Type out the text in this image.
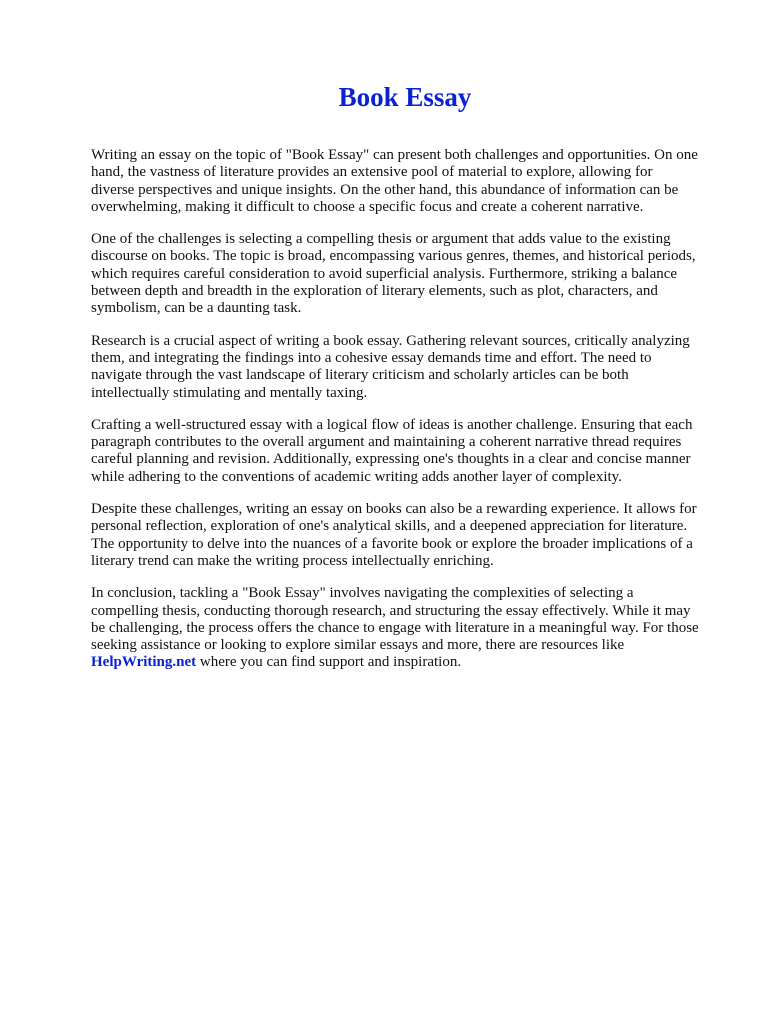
Book Essay

Writing an essay on the topic of "Book Essay" can present both challenges and opportunities. On one
hand, the vastness of literature provides an extensive pool of material to explore, allowing for
diverse perspectives and unique insights. On the other hand, this abundance of information can be
overwhelming, making it difficult to choose a specific focus and create a coherent narrative.

One of the challenges is selecting a compelling thesis or argument that adds value to the existing
discourse on books. The topic is broad, encompassing various genres, themes, and historical periods,
which requires careful consideration to avoid superficial analysis. Furthermore, striking a balance
between depth and breadth in the exploration of literary elements, such as plot, characters, and
symbolism, can be a daunting task.

Research is a crucial aspect of writing a book essay. Gathering relevant sources, critically analyzing
them, and integrating the findings into a cohesive essay demands time and effort. The need to
navigate through the vast landscape of literary criticism and scholarly articles can be both
intellectually stimulating and mentally taxing.

Crafting a well-structured essay with a logical flow of ideas is another challenge. Ensuring that each
paragraph contributes to the overall argument and maintaining a coherent narrative thread requires
careful planning and revision. Additionally, expressing one's thoughts in a clear and concise manner
while adhering to the conventions of academic writing adds another layer of complexity.

Despite these challenges, writing an essay on books can also be a rewarding experience. It allows for
personal reflection, exploration of one's analytical skills, and a deepened appreciation for literature.
The opportunity to delve into the nuances of a favorite book or explore the broader implications of a
literary trend can make the writing process intellectually enriching.

In conclusion, tackling a "Book Essay" involves navigating the complexities of selecting a
compelling thesis, conducting thorough research, and structuring the essay effectively. While it may
be challenging, the process offers the chance to engage with literature in a meaningful way. For those
seeking assistance or looking to explore similar essays and more, there are resources like
HelpWriting.net where you can find support and inspiration.
